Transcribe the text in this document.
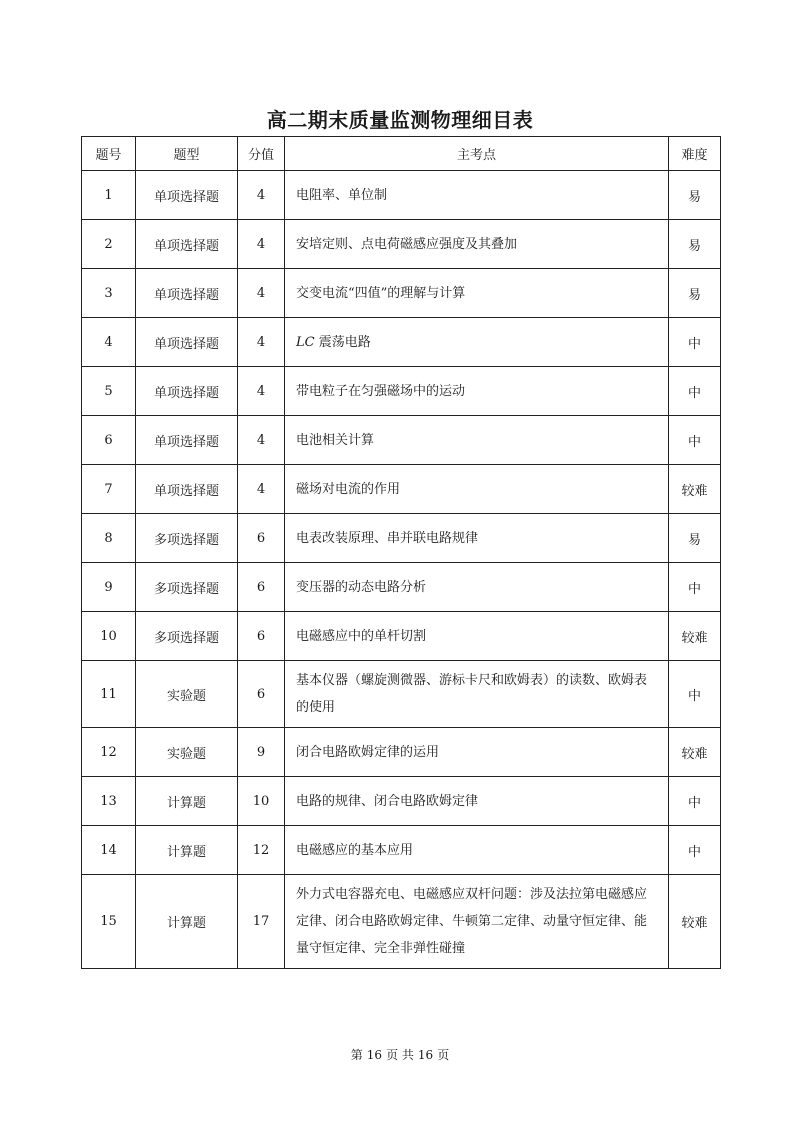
高二期末质量监测物理细目表
题号	题型	分值	主考点	难度
1	单项选择题	4	电阻率、单位制	易
2	单项选择题	4	安培定则、点电荷磁感应强度及其叠加	易
3	单项选择题	4	交变电流“四值”的理解与计算	易
4	单项选择题	4	LC 震荡电路	中
5	单项选择题	4	带电粒子在匀强磁场中的运动	中
6	单项选择题	4	电池相关计算	中
7	单项选择题	4	磁场对电流的作用	较难
8	多项选择题	6	电表改装原理、串并联电路规律	易
9	多项选择题	6	变压器的动态电路分析	中
10	多项选择题	6	电磁感应中的单杆切割	较难
11	实验题	6	基本仪器（螺旋测微器、游标卡尺和欧姆表）的读数、欧姆表的使用	中
12	实验题	9	闭合电路欧姆定律的运用	较难
13	计算题	10	电路的规律、闭合电路欧姆定律	中
14	计算题	12	电磁感应的基本应用	中
15	计算题	17	外力式电容器充电、电磁感应双杆问题：涉及法拉第电磁感应定律、闭合电路欧姆定律、牛顿第二定律、动量守恒定律、能量守恒定律、完全非弹性碰撞	较难
第 16 页 共 16 页
